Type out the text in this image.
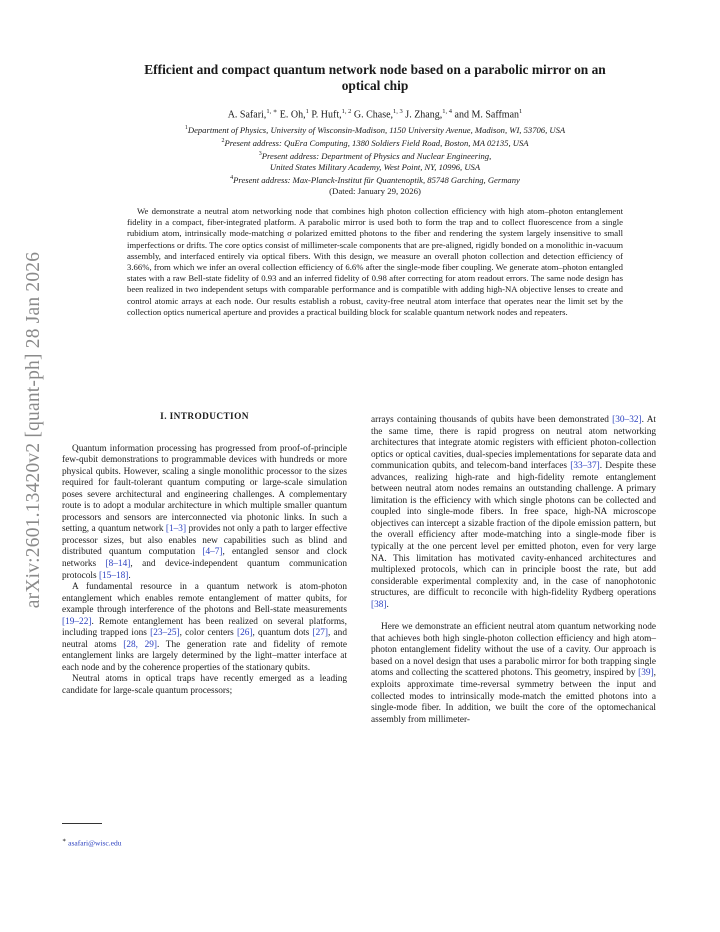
arXiv:2601.13420v2 [quant-ph] 28 Jan 2026
Efficient and compact quantum network node based on a parabolic mirror on an
optical chip
A. Safari,$^{1, ∗}$ E. Oh,$^1$ P. Huft,$^{1, 2}$ G. Chase,$^{1, 3}$ J. Zhang,$^{1, 4}$ and M. Saffman$^1$
$^1$Department of Physics, University of Wisconsin-Madison, 1150 University Avenue, Madison, WI, 53706, USA
$^2$Present address: QuEra Computing, 1380 Soldiers Field Road, Boston, MA 02135, USA
$^3$Present address: Department of Physics and Nuclear Engineering,
United States Military Academy, West Point, NY, 10996, USA
$^4$Present address: Max-Planck-Institut für Quantenoptik, 85748 Garching, Germany
(Dated: January 29, 2026)
We demonstrate a neutral atom networking node that combines high photon collection efficiency with high atom–photon entanglement fidelity in a compact, fiber-integrated platform. A parabolic mirror is used both to form the trap and to collect fluorescence from a single rubidium atom, intrinsically mode-matching σ polarized emitted photons to the fiber and rendering the system largely insensitive to small imperfections or drifts. The core optics consist of millimeter-scale components that are pre-aligned, rigidly bonded on a monolithic in-vacuum assembly, and interfaced entirely via optical fibers. With this design, we measure an overall photon collection and detection efficiency of 3.66%, from which we infer an overal collection efficiency of 6.6% after the single-mode fiber coupling. We generate atom–photon entangled states with a raw Bell-state fidelity of 0.93 and an inferred fidelity of 0.98 after correcting for atom readout errors. The same node design has been realized in two independent setups with comparable performance and is compatible with adding high-NA objective lenses to create and control atomic arrays at each node. Our results establish a robust, cavity-free neutral atom interface that operates near the limit set by the collection optics numerical aperture and provides a practical building block for scalable quantum network nodes and repeaters.
I. INTRODUCTION

Quantum information processing has progressed from proof-of-principle few-qubit demonstrations to programmable devices with hundreds or more physical qubits. However, scaling a single monolithic processor to the sizes required for fault-tolerant quantum computing or large-scale simulation poses severe architectural and engineering challenges. A complementary route is to adopt a modular architecture in which multiple smaller quantum processors and sensors are interconnected via photonic links. In such a setting, a quantum network [1–3] provides not only a path to larger effective processor sizes, but also enables new capabilities such as blind and distributed quantum computation [4–7], entangled sensor and clock networks [8–14], and device-independent quantum communication protocols [15–18].

A fundamental resource in a quantum network is atom-photon entanglement which enables remote entanglement of matter qubits, for example through interference of the photons and Bell-state measurements [19–22]. Remote entanglement has been realized on several platforms, including trapped ions [23–25], color centers [26], quantum dots [27], and neutral atoms [28, 29]. The generation rate and fidelity of remote entanglement links are largely determined by the light–matter interface at each node and by the coherence properties of the stationary qubits.

Neutral atoms in optical traps have recently emerged as a leading candidate for large-scale quantum processors;

arrays containing thousands of qubits have been demonstrated [30–32]. At the same time, there is rapid progress on neutral atom networking architectures that integrate atomic registers with efficient photon-collection optics or optical cavities, dual-species implementations for separate data and communication qubits, and telecom-band interfaces [33–37]. Despite these advances, realizing high-rate and high-fidelity remote entanglement between neutral atom nodes remains an outstanding challenge. A primary limitation is the efficiency with which single photons can be collected and coupled into single-mode fibers. In free space, high-NA microscope objectives can intercept a sizable fraction of the dipole emission pattern, but the overall efficiency after mode-matching into a single-mode fiber is typically at the one percent level per emitted photon, even for very large NA. This limitation has motivated cavity-enhanced architectures and multiplexed protocols, which can in principle boost the rate, but add considerable experimental complexity and, in the case of nanophotonic structures, are difficult to reconcile with high-fidelity Rydberg operations [38].

Here we demonstrate an efficient neutral atom quantum networking node that achieves both high single-photon collection efficiency and high atom–photon entanglement fidelity without the use of a cavity. Our approach is based on a novel design that uses a parabolic mirror for both trapping single atoms and collecting the scattered photons. This geometry, inspired by [39], exploits approximate time-reversal symmetry between the input and collected modes to intrinsically mode-match the emitted photons into a single-mode fiber. In addition, we built the core of the optomechanical assembly from millimeter-

∗ asafari@wisc.edu
